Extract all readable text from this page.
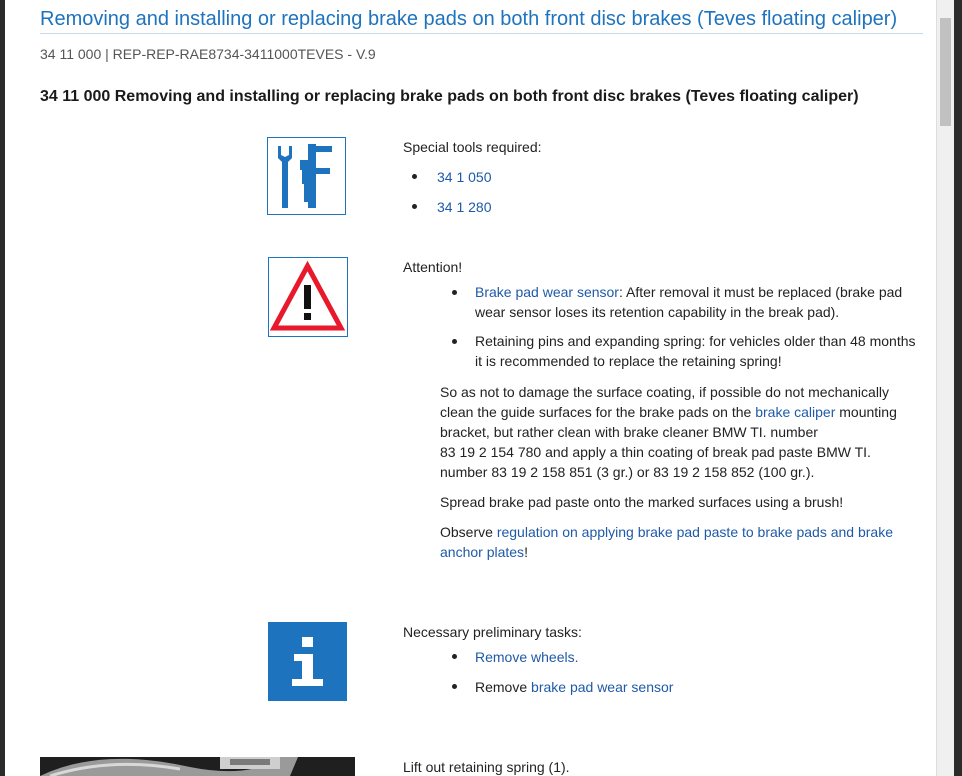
Removing and installing or replacing brake pads on both front disc brakes (Teves floating caliper)
34 11 000 | REP-REP-RAE8734-3411000TEVES - V.9
34 11 000 Removing and installing or replacing brake pads on both front disc brakes (Teves floating caliper)
Special tools required:
34 1 050
34 1 280
Attention!
Brake pad wear sensor: After removal it must be replaced (brake pad
wear sensor loses its retention capability in the break pad).
Retaining pins and expanding spring: for vehicles older than 48 months
it is recommended to replace the retaining spring!
So as not to damage the surface coating, if possible do not mechanically
clean the guide surfaces for the brake pads on the brake caliper mounting
bracket, but rather clean with brake cleaner BMW TI. number
83 19 2 154 780 and apply a thin coating of break pad paste BMW TI.
number 83 19 2 158 851 (3 gr.) or 83 19 2 158 852 (100 gr.).
Spread brake pad paste onto the marked surfaces using a brush!
Observe regulation on applying brake pad paste to brake pads and brake
anchor plates!
Necessary preliminary tasks:
Remove wheels.
Remove brake pad wear sensor
Lift out retaining spring (1).
